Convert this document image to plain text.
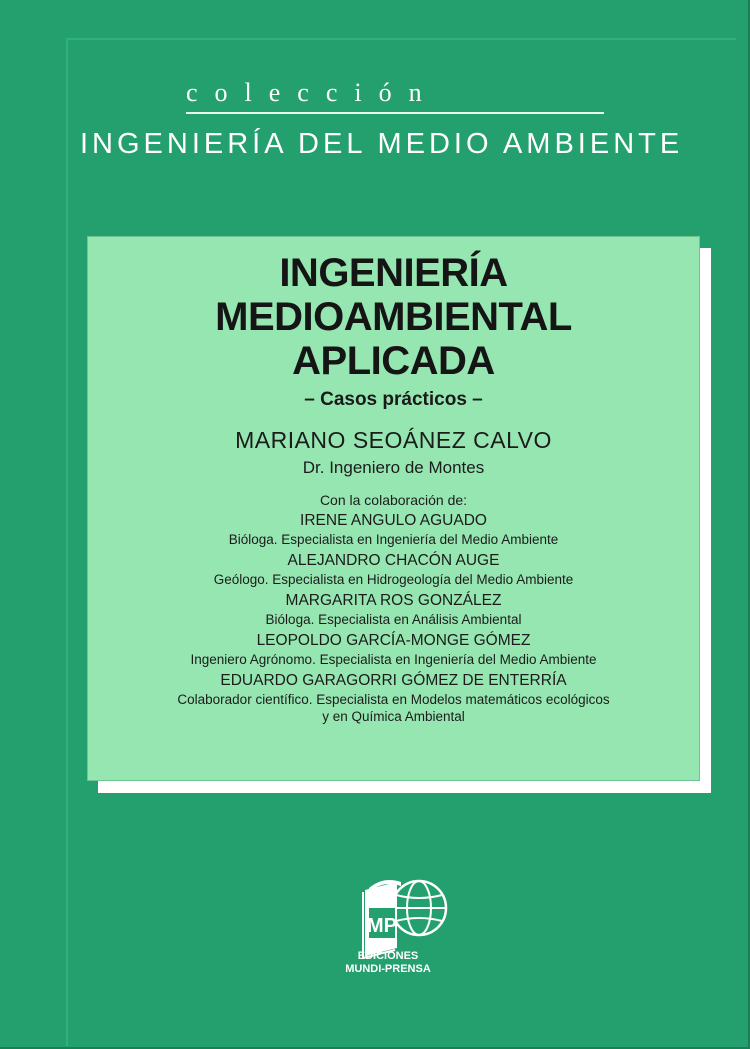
colección
INGENIERÍA DEL MEDIO AMBIENTE
INGENIERÍA
MEDIOAMBIENTAL
APLICADA
– Casos prácticos –
MARIANO SEOÁNEZ CALVO
Dr. Ingeniero de Montes
Con la colaboración de:
IRENE ANGULO AGUADO
Bióloga. Especialista en Ingeniería del Medio Ambiente
ALEJANDRO CHACÓN AUGE
Geólogo. Especialista en Hidrogeología del Medio Ambiente
MARGARITA ROS GONZÁLEZ
Bióloga. Especialista en Análisis Ambiental
LEOPOLDO GARCÍA-MONGE GÓMEZ
Ingeniero Agrónomo. Especialista en Ingeniería del Medio Ambiente
EDUARDO GARAGORRI GÓMEZ DE ENTERRÍA
Colaborador científico. Especialista en Modelos matemáticos ecológicos
y en Química Ambiental
MP
EDICIONES
MUNDI-PRENSA
